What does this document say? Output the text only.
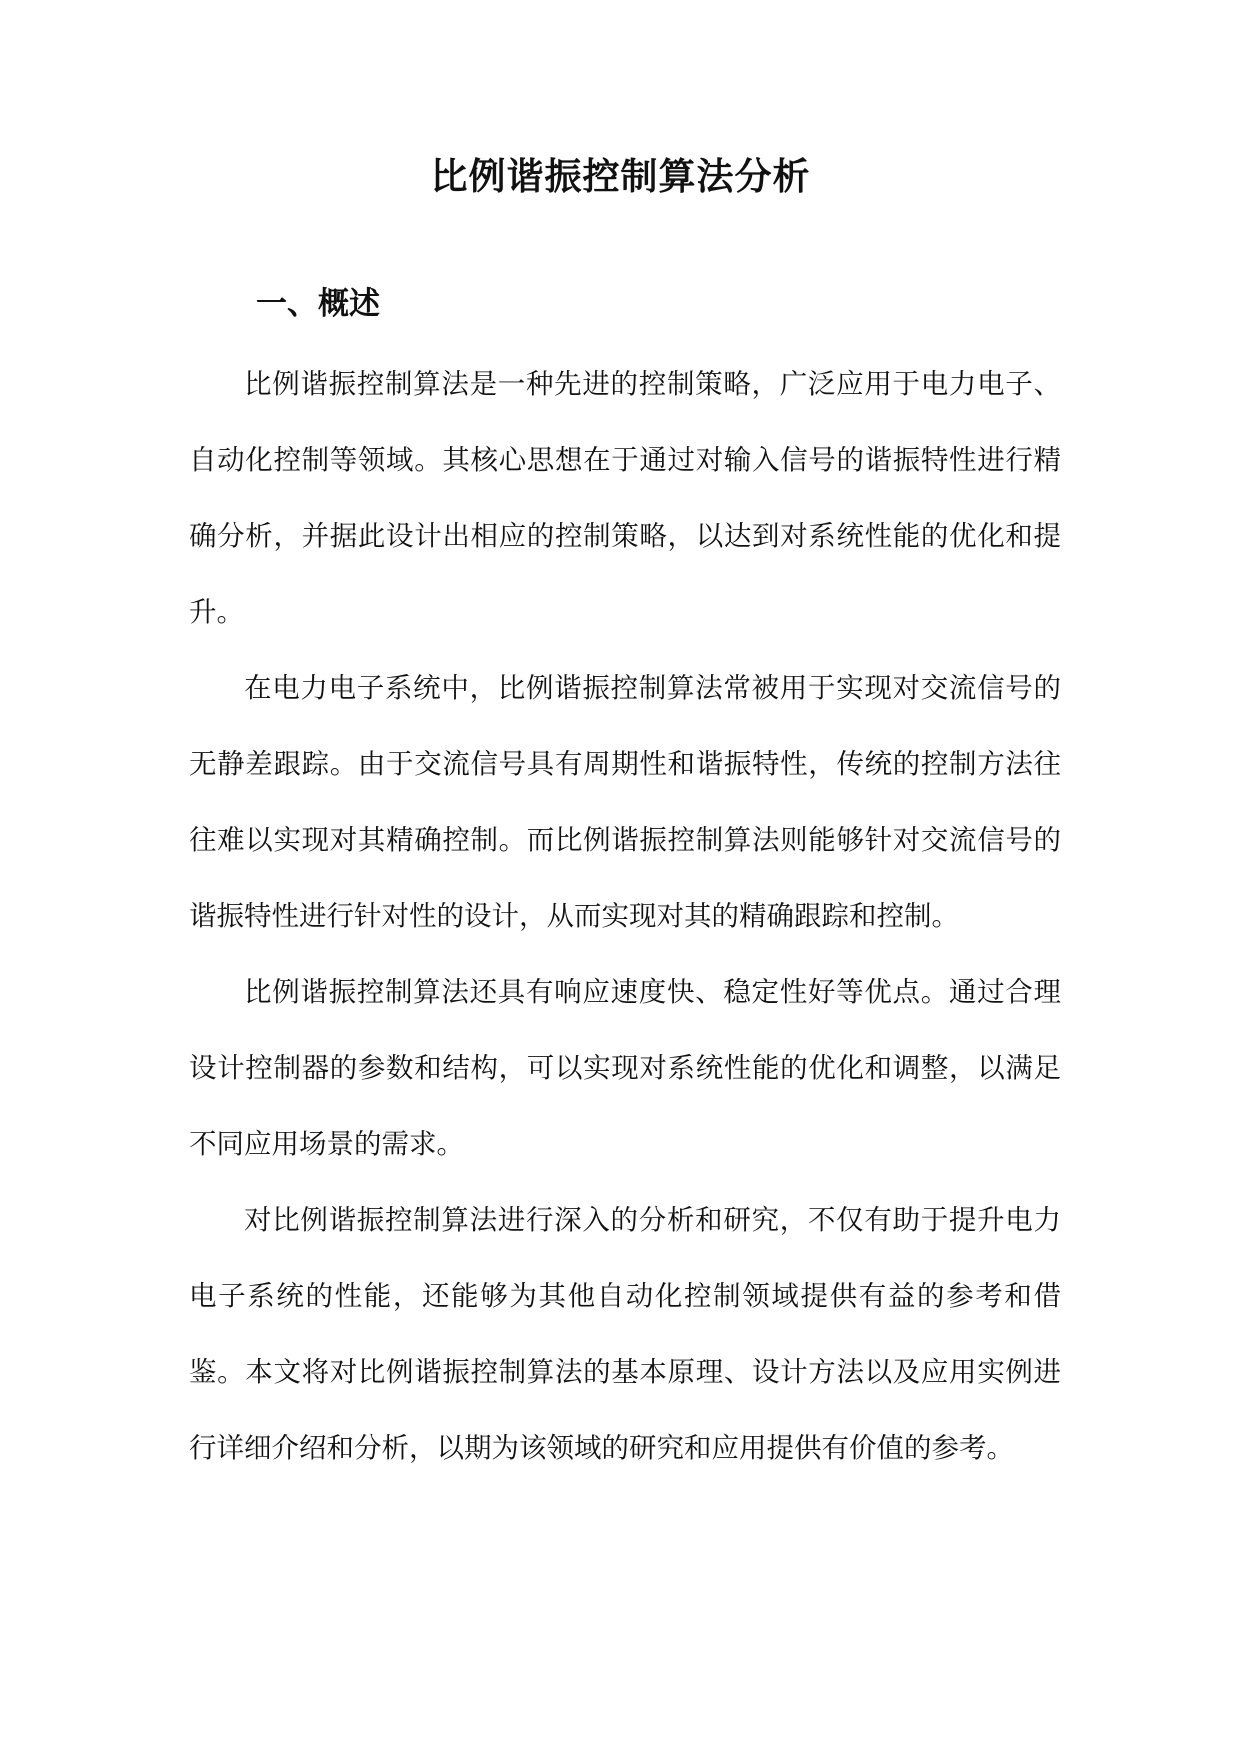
比例谐振控制算法分析
一、概述

比例谐振控制算法是一种先进的控制策略，广泛应用于电力电子、自动化控制等领域。其核心思想在于通过对输入信号的谐振特性进行精确分析，并据此设计出相应的控制策略，以达到对系统性能的优化和提升。

在电力电子系统中，比例谐振控制算法常被用于实现对交流信号的无静差跟踪。由于交流信号具有周期性和谐振特性，传统的控制方法往往难以实现对其精确控制。而比例谐振控制算法则能够针对交流信号的谐振特性进行针对性的设计，从而实现对其的精确跟踪和控制。

比例谐振控制算法还具有响应速度快、稳定性好等优点。通过合理设计控制器的参数和结构，可以实现对系统性能的优化和调整，以满足不同应用场景的需求。

对比例谐振控制算法进行深入的分析和研究，不仅有助于提升电力电子系统的性能，还能够为其他自动化控制领域提供有益的参考和借鉴。本文将对比例谐振控制算法的基本原理、设计方法以及应用实例进行详细介绍和分析，以期为该领域的研究和应用提供有价值的参考。
